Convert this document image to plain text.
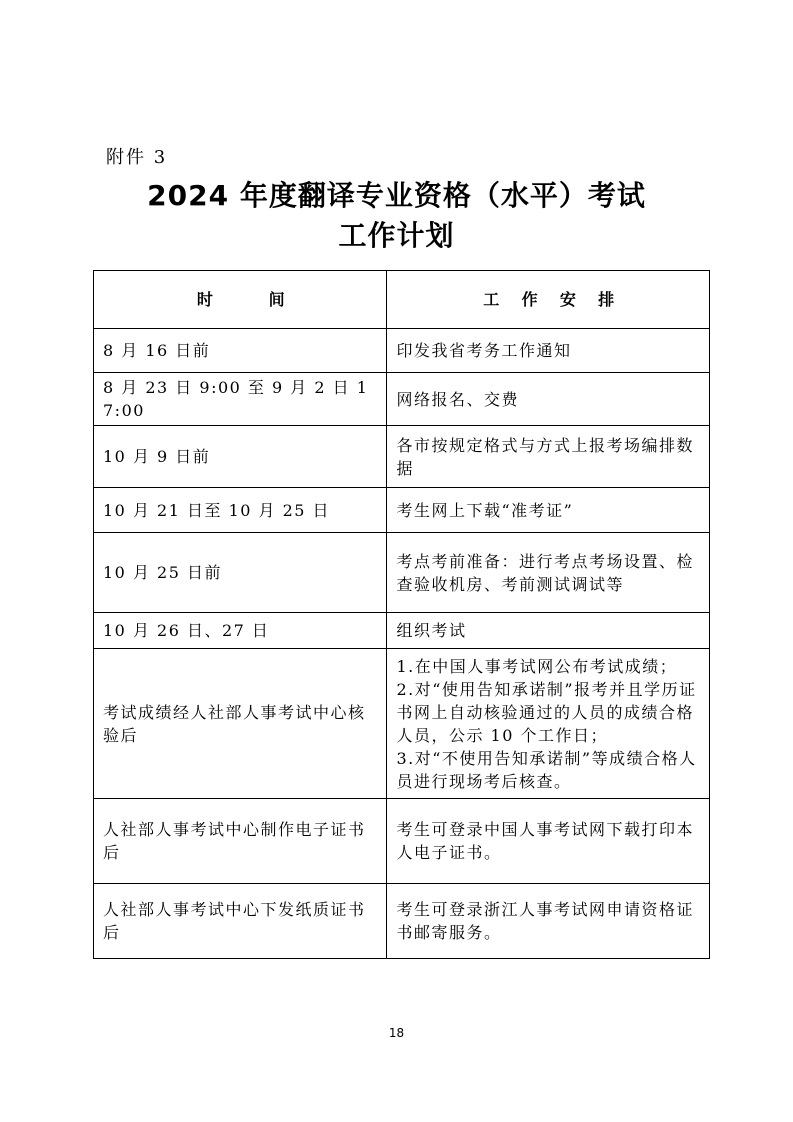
附件 3
2024 年度翻译专业资格（水平）考试
工作计划
时          间	工    作    安    排
8 月 16 日前	印发我省考务工作通知

8 月 23 日 9:00 至 9 月 2 日 17:00	网络报名、交费

10 月 9 日前	各市按规定格式与方式上报考场编排数据

10 月 21 日至 10 月 25 日	考生网上下载“准考证”

10 月 25 日前	考点考前准备：进行考点考场设置、检查验收机房、考前测试调试等

10 月 26 日、27 日	组织考试

考试成绩经人社部人事考试中心核验后	1.在中国人事考试网公布考试成绩；
2.对“使用告知承诺制”报考并且学历证书网上自动核验通过的人员的成绩合格人员，公示 10 个工作日；
3.对“不使用告知承诺制”等成绩合格人员进行现场考后核查。

人社部人事考试中心制作电子证书后	考生可登录中国人事考试网下载打印本人电子证书。

人社部人事考试中心下发纸质证书后	考生可登录浙江人事考试网申请资格证书邮寄服务。
18
